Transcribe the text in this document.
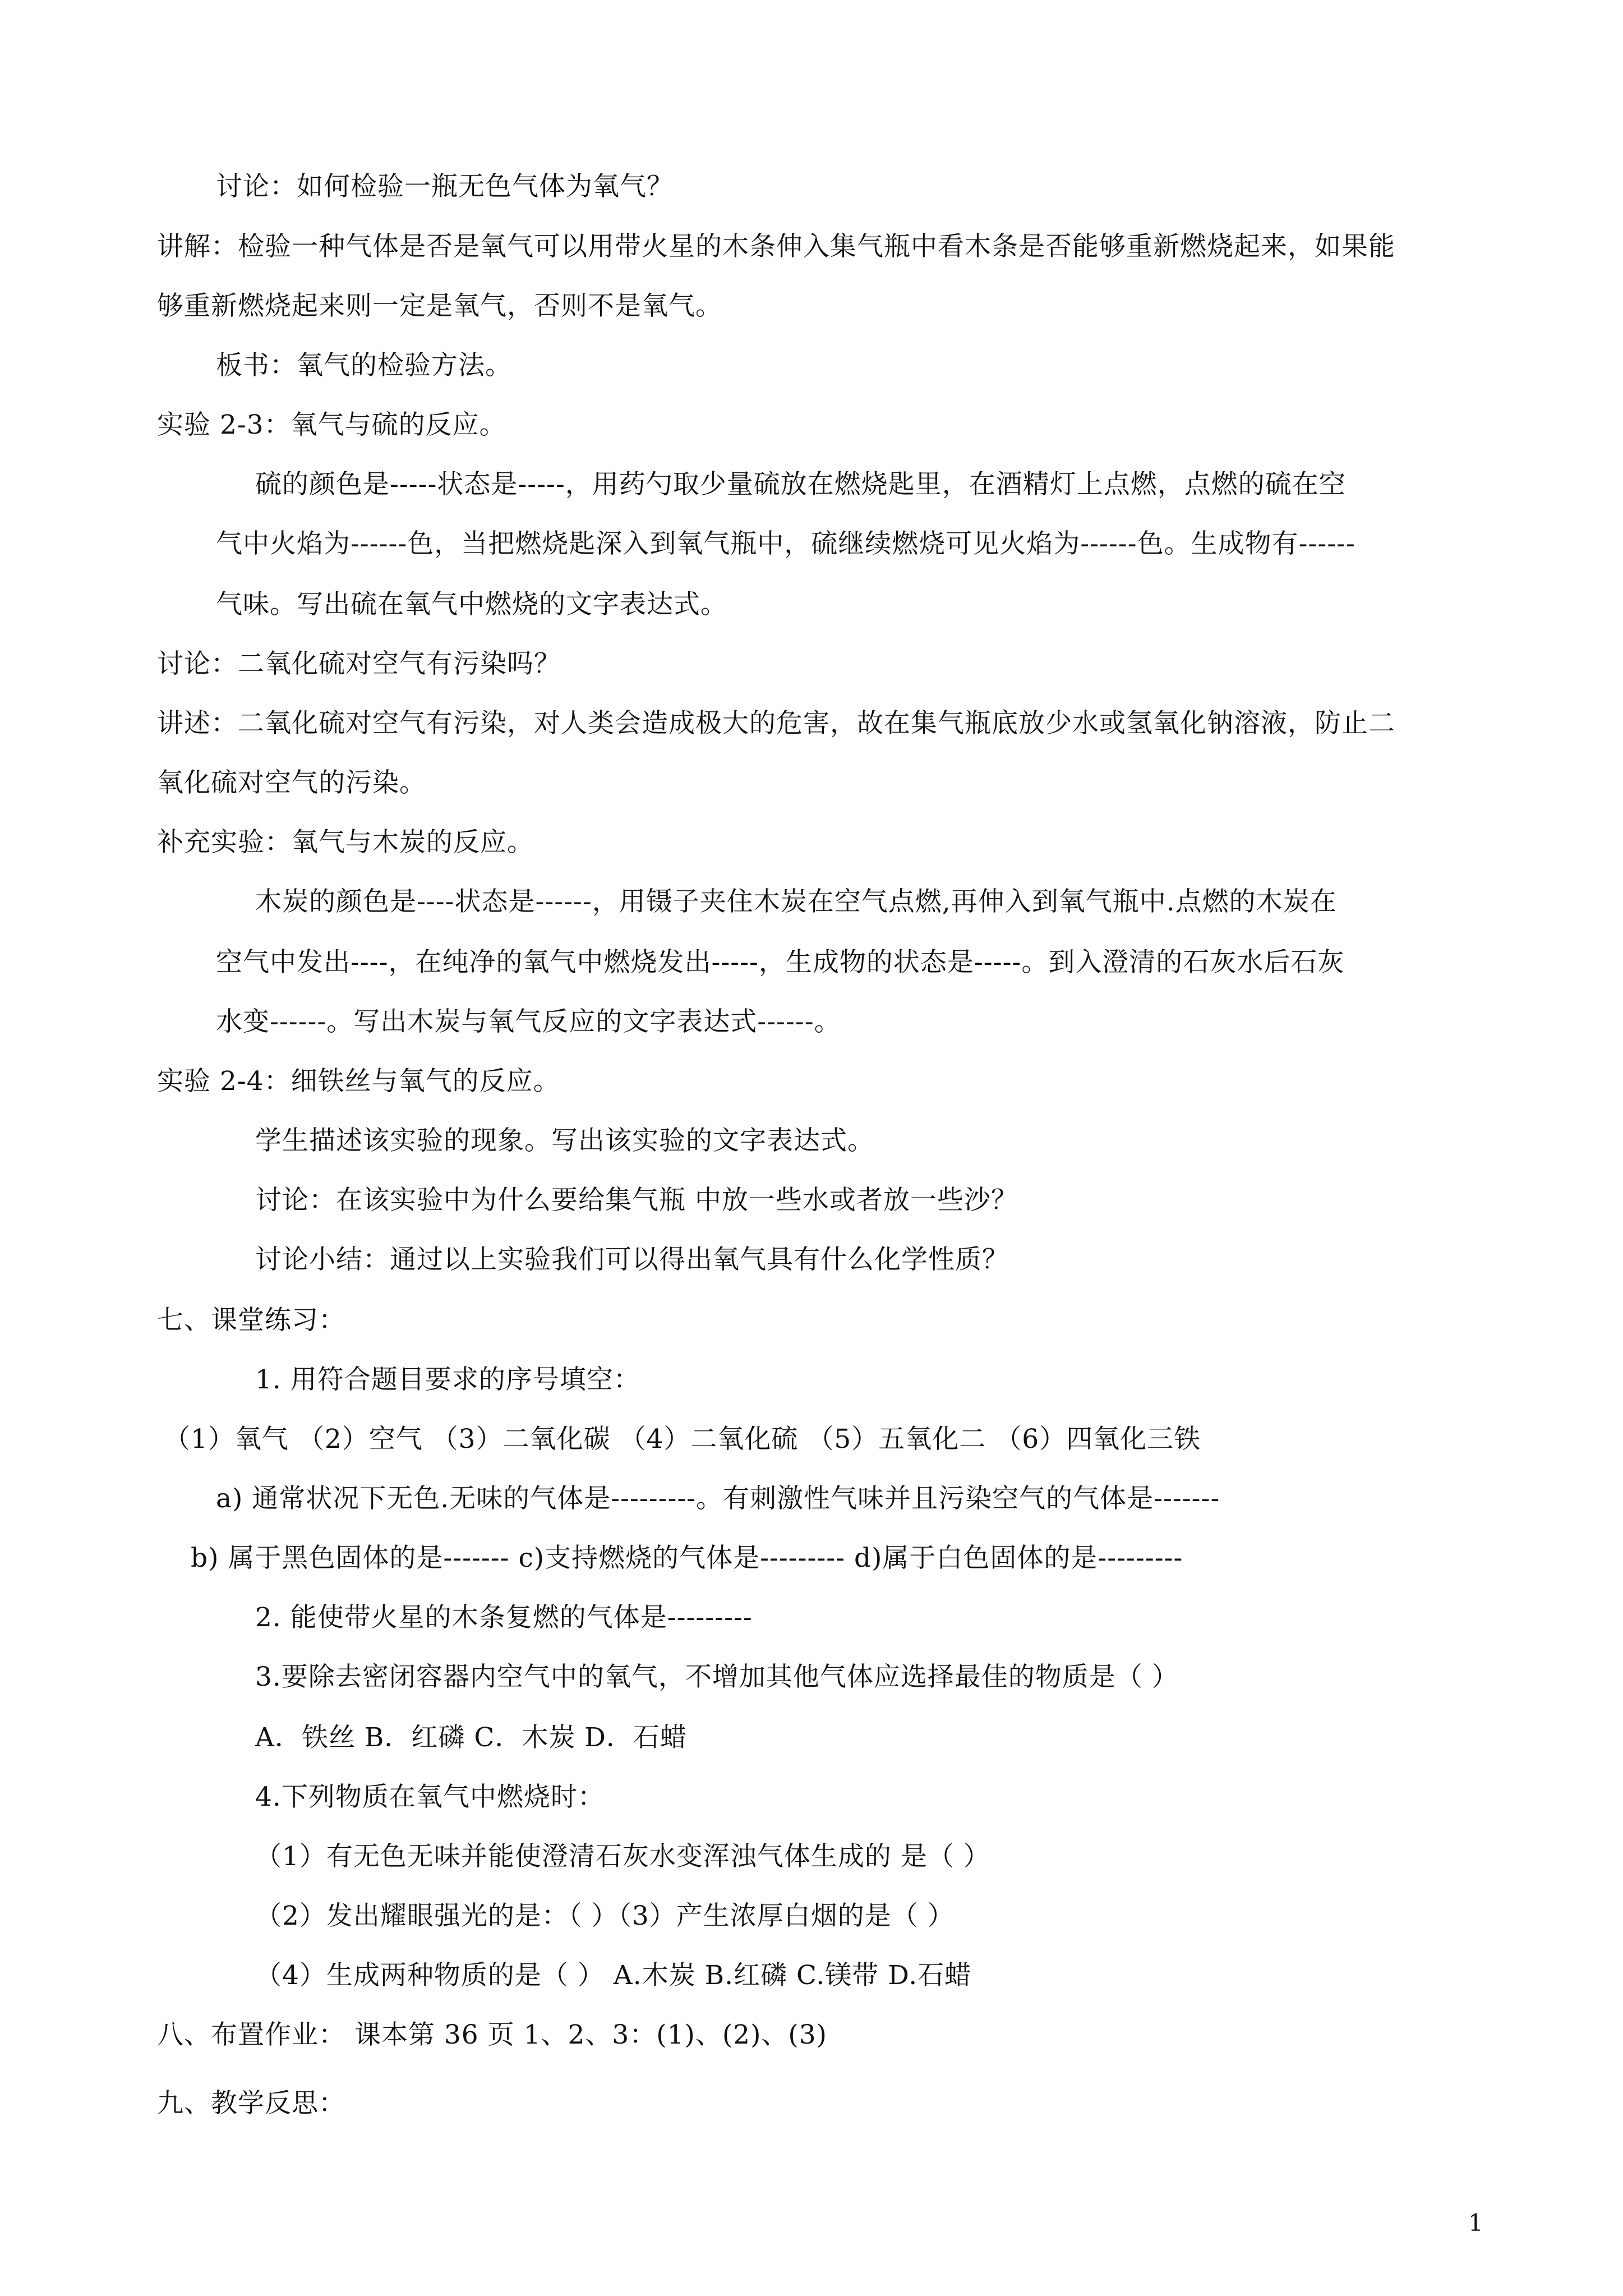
讨论：如何检验一瓶无色气体为氧气？
讲解：检验一种气体是否是氧气可以用带火星的木条伸入集气瓶中看木条是否能够重新燃烧起来，如果能
够重新燃烧起来则一定是氧气，否则不是氧气。
板书：氧气的检验方法。
实验 2-3：氧气与硫的反应。
硫的颜色是-----状态是-----，用药勺取少量硫放在燃烧匙里，在酒精灯上点燃，点燃的硫在空
气中火焰为------色，当把燃烧匙深入到氧气瓶中，硫继续燃烧可见火焰为------色。生成物有------
气味。写出硫在氧气中燃烧的文字表达式。
讨论：二氧化硫对空气有污染吗？
讲述：二氧化硫对空气有污染，对人类会造成极大的危害，故在集气瓶底放少水或氢氧化钠溶液，防止二
氧化硫对空气的污染。
补充实验：氧气与木炭的反应。
木炭的颜色是----状态是------，用镊子夹住木炭在空气点燃,再伸入到氧气瓶中.点燃的木炭在
空气中发出----，在纯净的氧气中燃烧发出-----，生成物的状态是-----。到入澄清的石灰水后石灰
水变------。写出木炭与氧气反应的文字表达式------。
实验 2-4：细铁丝与氧气的反应。
学生描述该实验的现象。写出该实验的文字表达式。
讨论：在该实验中为什么要给集气瓶 中放一些水或者放一些沙？
讨论小结：通过以上实验我们可以得出氧气具有什么化学性质？
七、课堂练习：
1. 用符合题目要求的序号填空：
（1）氧气 （2）空气 （3）二氧化碳 （4）二氧化硫 （5）五氧化二 （6）四氧化三铁
a) 通常状况下无色.无味的气体是---------。有刺激性气味并且污染空气的气体是-------
b) 属于黑色固体的是------- c)支持燃烧的气体是--------- d)属于白色固体的是---------
2. 能使带火星的木条复燃的气体是---------
3.要除去密闭容器内空气中的氧气，不增加其他气体应选择最佳的物质是（ ）
A．铁丝 B．红磷 C．木炭 D．石蜡
4.下列物质在氧气中燃烧时：
（1）有无色无味并能使澄清石灰水变浑浊气体生成的 是（ ）
（2）发出耀眼强光的是：（ ）（3）产生浓厚白烟的是（ ）
（4）生成两种物质的是（ ） A.木炭 B.红磷 C.镁带 D.石蜡
八、布置作业： 课本第 36 页 1、2、3：(1)、(2)、(3)
九、教学反思：
1
